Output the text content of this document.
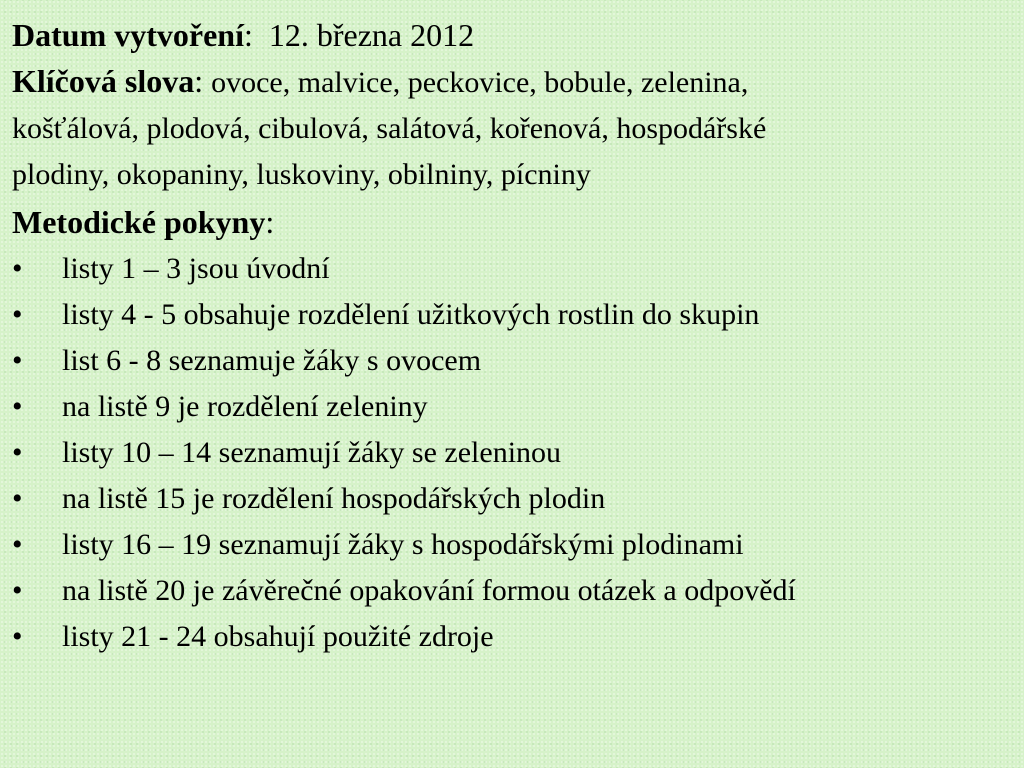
Datum vytvoření: 12. března 2012
Klíčová slova: ovoce, malvice, peckovice, bobule, zelenina,
košťálová, plodová, cibulová, salátová, kořenová, hospodářské
plodiny, okopaniny, luskoviny, obilniny, pícniny
Metodické pokyny:
•	listy 1 – 3 jsou úvodní
•	listy 4 - 5 obsahuje rozdělení užitkových rostlin do skupin
•	list 6 - 8 seznamuje žáky s ovocem
•	na listě 9 je rozdělení zeleniny
•	listy 10 – 14 seznamují žáky se zeleninou
•	na listě 15 je rozdělení hospodářských plodin
•	listy 16 – 19 seznamují žáky s hospodářskými plodinami
•	na listě 20 je závěrečné opakování formou otázek a odpovědí
•	listy 21 - 24 obsahují použité zdroje
